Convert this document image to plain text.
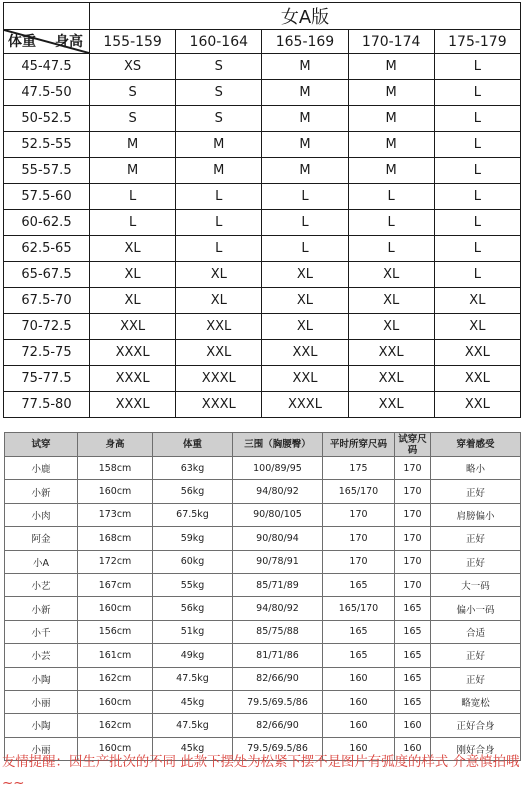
	女A版				

身高
体重	155-159	160-164	165-169	170-174	175-179
45-47.5	XS	S	M	M	L
47.5-50	S	S	M	M	L
50-52.5	S	S	M	M	L
52.5-55	M	M	M	M	L
55-57.5	M	M	M	M	L
57.5-60	L	L	L	L	L
60-62.5	L	L	L	L	L
62.5-65	XL	L	L	L	L
65-67.5	XL	XL	XL	XL	L
67.5-70	XL	XL	XL	XL	XL
70-72.5	XXL	XXL	XL	XL	XL
72.5-75	XXXL	XXL	XXL	XXL	XXL
75-77.5	XXXL	XXXL	XXL	XXL	XXL
77.5-80	XXXL	XXXL	XXXL	XXL	XXL
试穿	身高	体重	三围（胸腰臀）	平时所穿尺码	试穿尺码	穿着感受
小鹿	158cm	63kg	100/89/95	175	170	略小
小新	160cm	56kg	94/80/92	165/170	170	正好
小肉	173cm	67.5kg	90/80/105	170	170	肩膀偏小
阿金	168cm	59kg	90/80/94	170	170	正好
小A	172cm	60kg	90/78/91	170	170	正好
小艺	167cm	55kg	85/71/89	165	170	大一码
小新	160cm	56kg	94/80/92	165/170	165	偏小一码
小千	156cm	51kg	85/75/88	165	165	合适
小芸	161cm	49kg	81/71/86	165	165	正好
小陶	162cm	47.5kg	82/66/90	160	165	正好
小丽	160cm	45kg	79.5/69.5/86	160	165	略宽松
小陶	162cm	47.5kg	82/66/90	160	160	正好合身
小丽	160cm	45kg	79.5/69.5/86	160	160	刚好合身
友情提醒：因生产批次的不同 此款下摆处为松紧下摆不是图片有弧度的样式 介意慎拍哦~~
